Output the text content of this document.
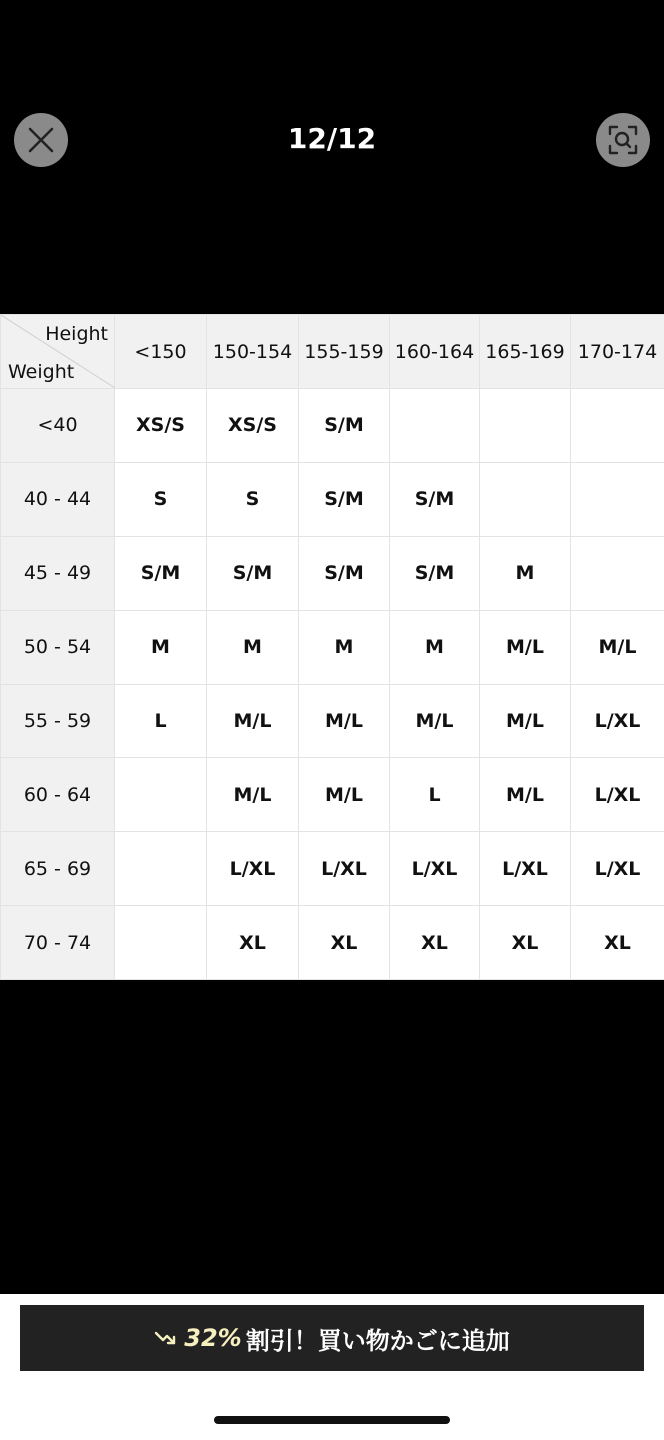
12/12
Height
Weight	<150	150-154	155-159	160-164	165-169	170-174
<40	XS/S	XS/S	S/M			
40 - 44	S	S	S/M	S/M		
45 - 49	S/M	S/M	S/M	S/M	M	
50 - 54	M	M	M	M	M/L	M/L
55 - 59	L	M/L	M/L	M/L	M/L	L/XL
60 - 64		M/L	M/L	L	M/L	L/XL
65 - 69		L/XL	L/XL	L/XL	L/XL	L/XL
70 - 74		XL	XL	XL	XL	XL
32% 割引！買い物かごに追加
